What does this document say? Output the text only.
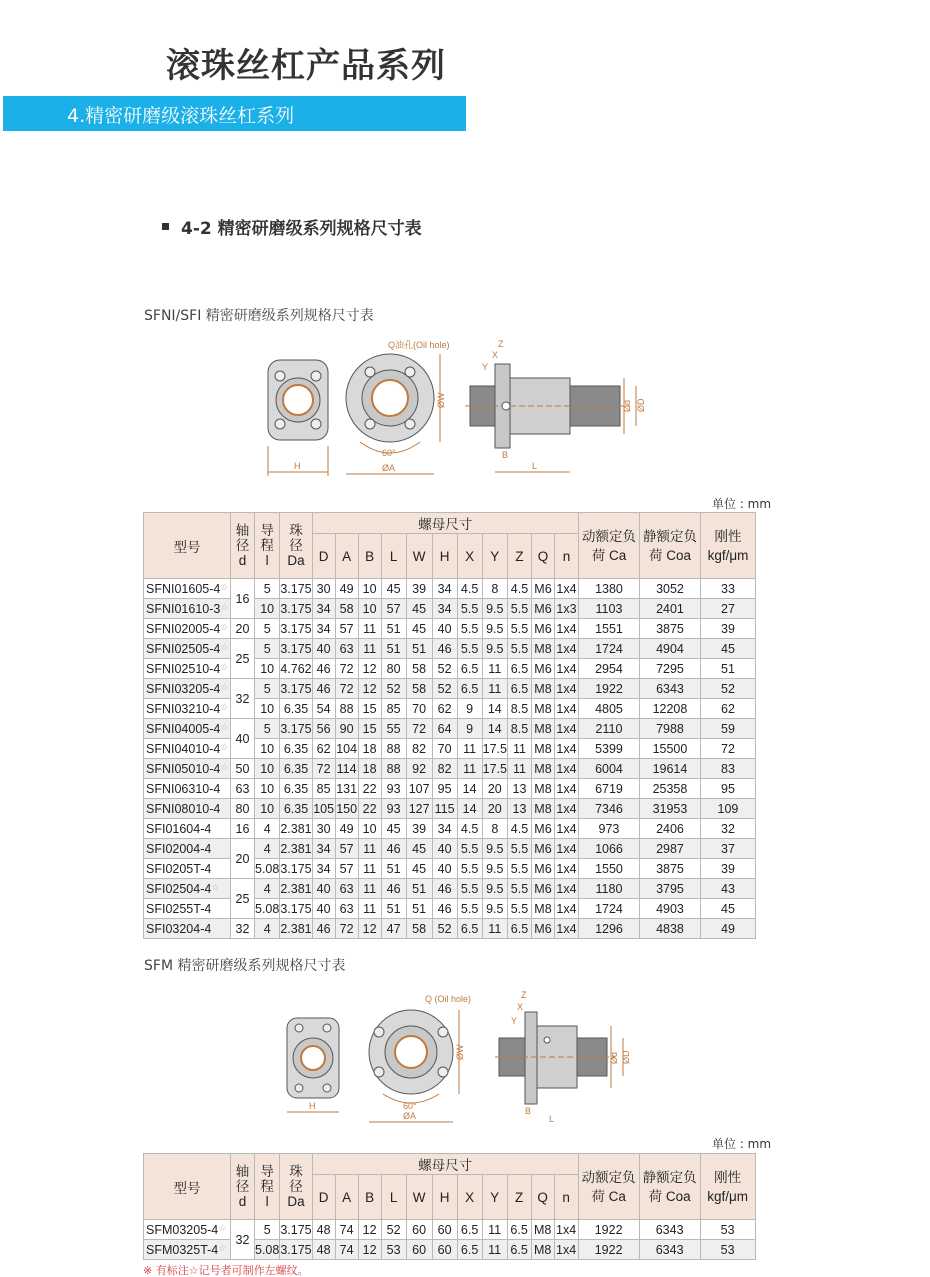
滚珠丝杠产品系列
4.精密研磨级滚珠丝杠系列
4-2 精密研磨级系列规格尺寸表
SFNI/SFI 精密研磨级系列规格尺寸表
H
60°
ØA
ØW
Q油孔(Oil hole)
Ød ØD
Z
X
Y
B
L
单位 : mm
型号	轴
径
d	导
程
l	珠
径
Da	螺母尺寸											动额定负
荷 Ca	静额定负
荷 Coa	刚性
kgf/μm
				D	A	B	L	W	H	X	Y	Z	Q	n			
SFNI01605-4☆	16	5	3.175	30	49	10	45	39	34	4.5	8	4.5	M6	1x4	1380	3052	33
SFNI01610-3☆		10	3.175	34	58	10	57	45	34	5.5	9.5	5.5	M6	1x3	1103	2401	27
SFNI02005-4☆	20	5	3.175	34	57	11	51	45	40	5.5	9.5	5.5	M6	1x4	1551	3875	39
SFNI02505-4☆	25	5	3.175	40	63	11	51	51	46	5.5	9.5	5.5	M8	1x4	1724	4904	45
SFNI02510-4☆		10	4.762	46	72	12	80	58	52	6.5	11	6.5	M6	1x4	2954	7295	51
SFNI03205-4☆	32	5	3.175	46	72	12	52	58	52	6.5	11	6.5	M8	1x4	1922	6343	52
SFNI03210-4☆		10	6.35	54	88	15	85	70	62	9	14	8.5	M8	1x4	4805	12208	62
SFNI04005-4☆	40	5	3.175	56	90	15	55	72	64	9	14	8.5	M8	1x4	2110	7988	59
SFNI04010-4☆		10	6.35	62	104	18	88	82	70	11	17.5	11	M8	1x4	5399	15500	72
SFNI05010-4☆	50	10	6.35	72	114	18	88	92	82	11	17.5	11	M8	1x4	6004	19614	83
SFNI06310-4	63	10	6.35	85	131	22	93	107	95	14	20	13	M8	1x4	6719	25358	95
SFNI08010-4	80	10	6.35	105	150	22	93	127	115	14	20	13	M8	1x4	7346	31953	109
SFI01604-4	16	4	2.381	30	49	10	45	39	34	4.5	8	4.5	M6	1x4	973	2406	32
SFI02004-4	20	4	2.381	34	57	11	46	45	40	5.5	9.5	5.5	M6	1x4	1066	2987	37
SFI0205T-4		5.08	3.175	34	57	11	51	45	40	5.5	9.5	5.5	M6	1x4	1550	3875	39
SFI02504-4☆	25	4	2.381	40	63	11	46	51	46	5.5	9.5	5.5	M6	1x4	1180	3795	43
SFI0255T-4		5.08	3.175	40	63	11	51	51	46	5.5	9.5	5.5	M8	1x4	1724	4903	45
SFI03204-4	32	4	2.381	46	72	12	47	58	52	6.5	11	6.5	M6	1x4	1296	4838	49
SFM 精密研磨级系列规格尺寸表
H	60°
ØA
ØW
Q (Oil hole)
Ød ØD
Z
X
Y
B
L
单位 : mm
型号	轴
径
d	导
程
l	珠
径
Da	螺母尺寸											动额定负
荷 Ca	静额定负
荷 Coa	刚性
kgf/μm
				D	A	B	L	W	H	X	Y	Z	Q	n			
SFM03205-4☆	32	5	3.175	48	74	12	52	60	60	6.5	11	6.5	M8	1x4	1922	6343	53
SFM0325T-4☆		5.08	3.175	48	74	12	53	60	60	6.5	11	6.5	M8	1x4	1922	6343	53
※ 有标注☆记号者可制作左螺纹。
